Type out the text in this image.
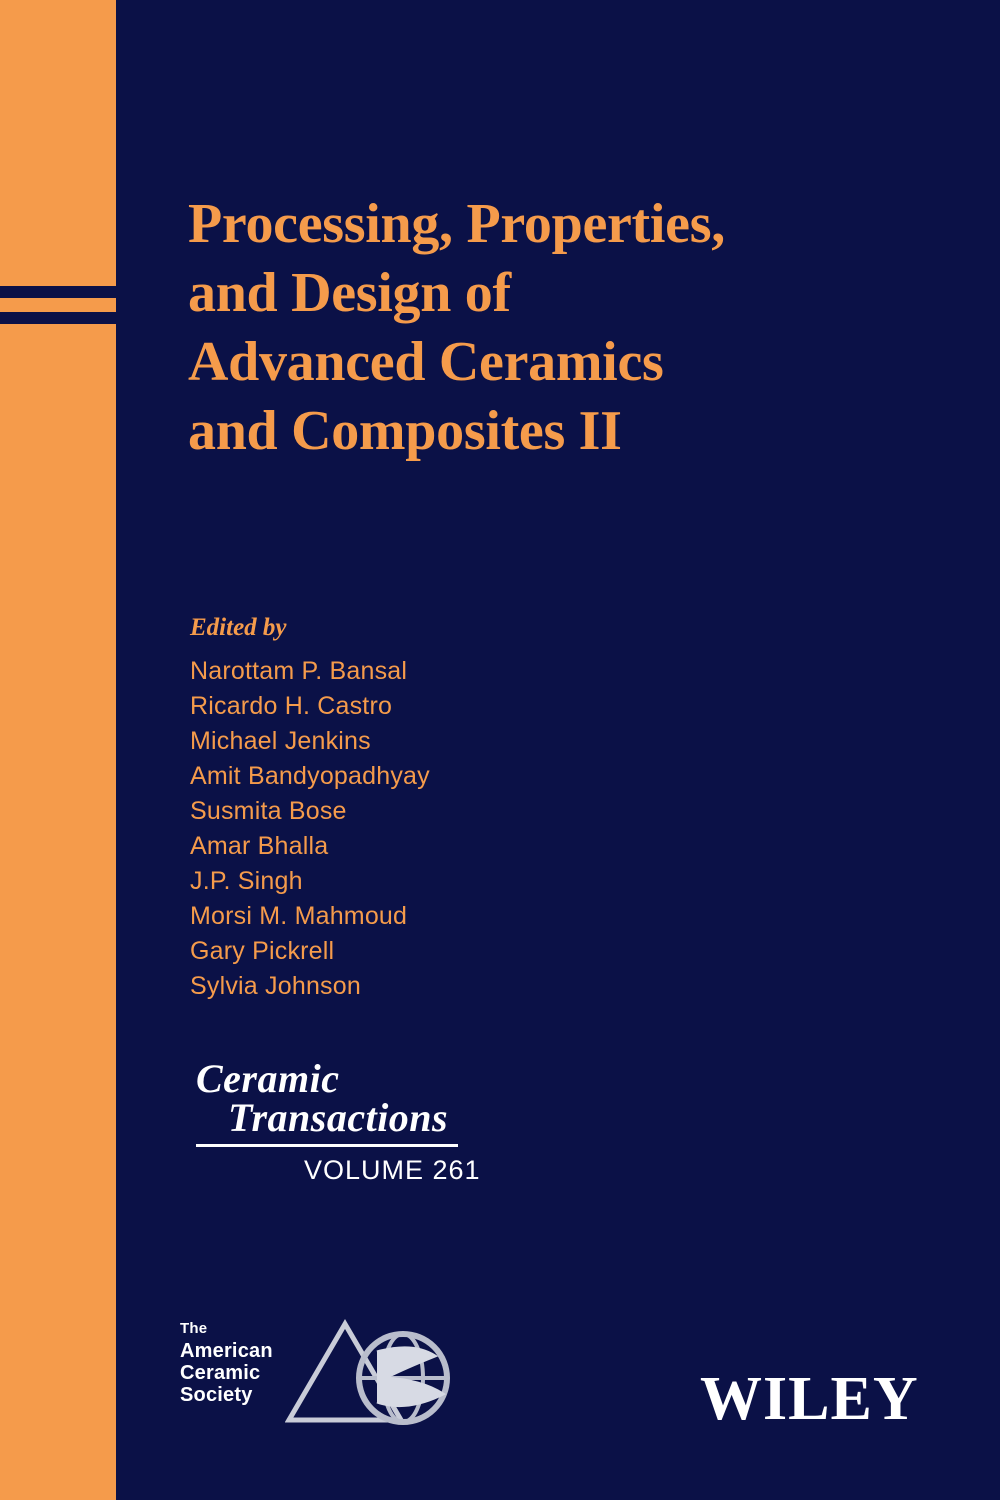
Processing, Properties,
and Design of
Advanced Ceramics
and Composites II
Edited by
Narottam P. Bansal
Ricardo H. Castro
Michael Jenkins
Amit Bandyopadhyay
Susmita Bose
Amar Bhalla
J.P. Singh
Morsi M. Mahmoud
Gary Pickrell
Sylvia Johnson
Ceramic
Transactions
VOLUME 261
The
American
Ceramic
Society	WILEY
